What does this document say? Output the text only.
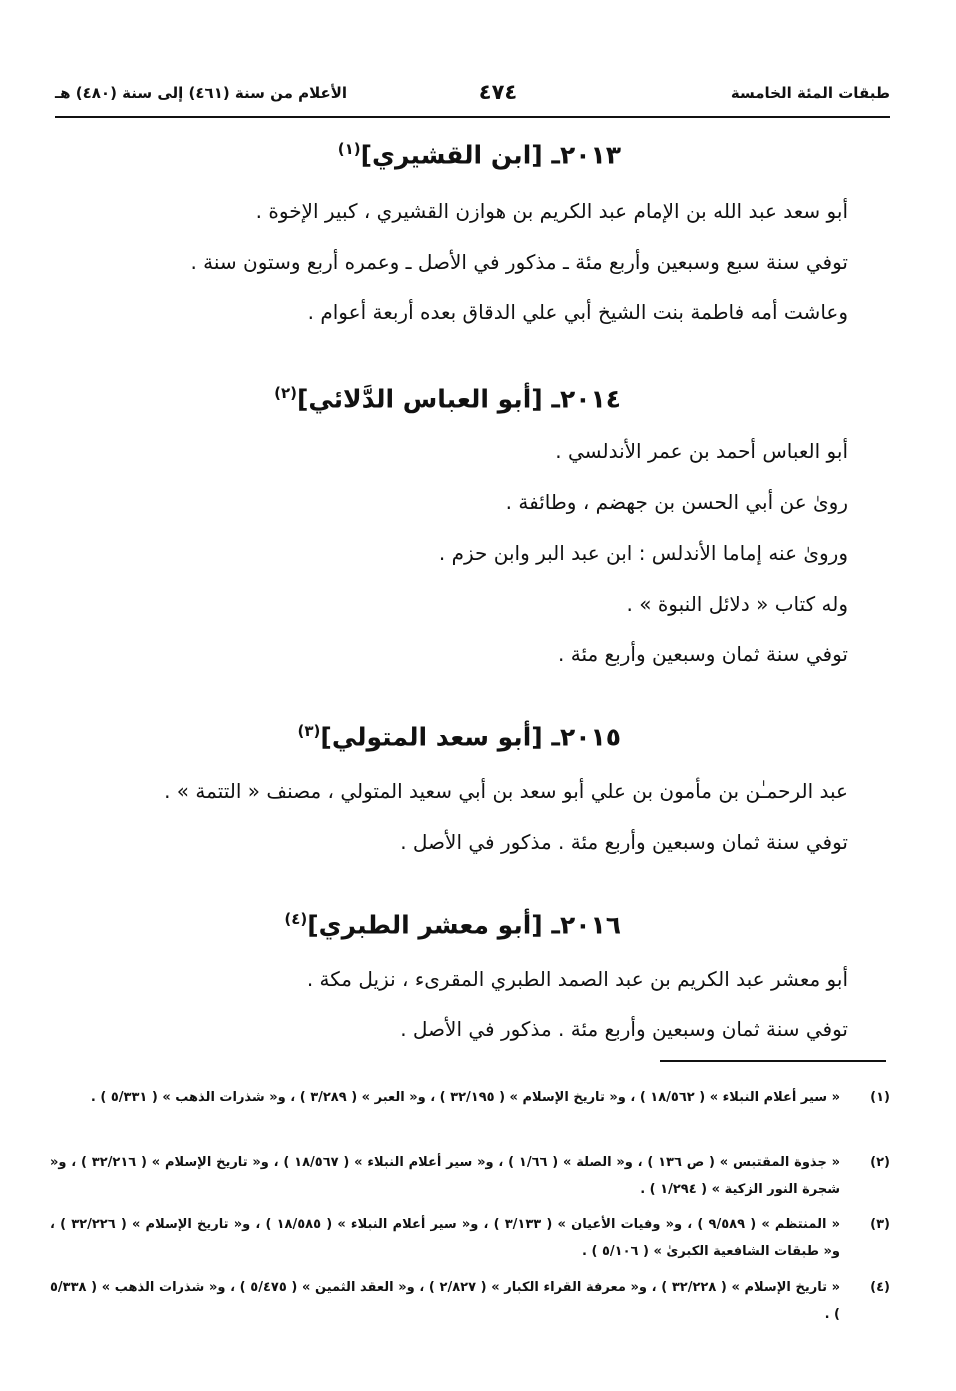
الأعلام من سنة (٤٦١) إلى سنة (٤٨٠) هـ	٤٧٤	طبقات المئة الخامسة
٢٠١٣ـ [ابن القشيري]$^{(١)}$
أبو سعد عبد الله بن الإمام عبد الكريم بن هوازن القشيري ، كبير الإخوة .
توفي سنة سبع وسبعين وأربع مئة ـ مذكور في الأصل ـ وعمره أربع وستون سنة .
وعاشت أمه فاطمة بنت الشيخ أبي علي الدقاق بعده أربعة أعوام .
٢٠١٤ـ [أبو العباس الدَّلائي]$^{(٢)}$
أبو العباس أحمد بن عمر الأندلسي .
روىٰ عن أبي الحسن بن جهضم ، وطائفة .
وروىٰ عنه إماما الأندلس : ابن عبد البر وابن حزم .
وله كتاب « دلائل النبوة » .
توفي سنة ثمان وسبعين وأربع مئة .
٢٠١٥ـ [أبو سعد المتولي]$^{(٣)}$
عبد الرحمـٰن بن مأمون بن علي أبو سعد بن أبي سعيد المتولي ، مصنف « التتمة » .
توفي سنة ثمان وسبعين وأربع مئة . مذكور في الأصل .
٢٠١٦ـ [أبو معشر الطبري]$^{(٤)}$
أبو معشر عبد الكريم بن عبد الصمد الطبري المقرىء ، نزيل مكة .
توفي سنة ثمان وسبعين وأربع مئة . مذكور في الأصل .
(١)
« سير أعلام النبلاء » ( ١٨/٥٦٢ ) ، و« تاريخ الإسلام » ( ٣٢/١٩٥ ) ، و« العبر » ( ٣/٢٨٩ ) ، و« شذرات الذهب » ( ٥/٣٣١ ) .
(٢)
« جذوة المقتبس » ( ص ١٣٦ ) ، و« الصلة » ( ١/٦٦ ) ، و« سير أعلام النبلاء » ( ١٨/٥٦٧ ) ، و« تاريخ الإسلام » ( ٣٢/٢١٦ ) ، و« شجرة النور الزكية » ( ١/٢٩٤ ) .
(٣)
« المنتظم » ( ٩/٥٨٩ ) ، و« وفيات الأعيان » ( ٣/١٣٣ ) ، و« سير أعلام النبلاء » ( ١٨/٥٨٥ ) ، و« تاريخ الإسلام » ( ٣٢/٢٢٦ ) ، و« طبقات الشافعية الكبرىٰ » ( ٥/١٠٦ ) .
(٤)
« تاريخ الإسلام » ( ٣٢/٢٢٨ ) ، و« معرفة القراء الكبار » ( ٢/٨٢٧ ) ، و« العقد الثمين » ( ٥/٤٧٥ ) ، و« شذرات الذهب » ( ٥/٣٣٨ ) .
